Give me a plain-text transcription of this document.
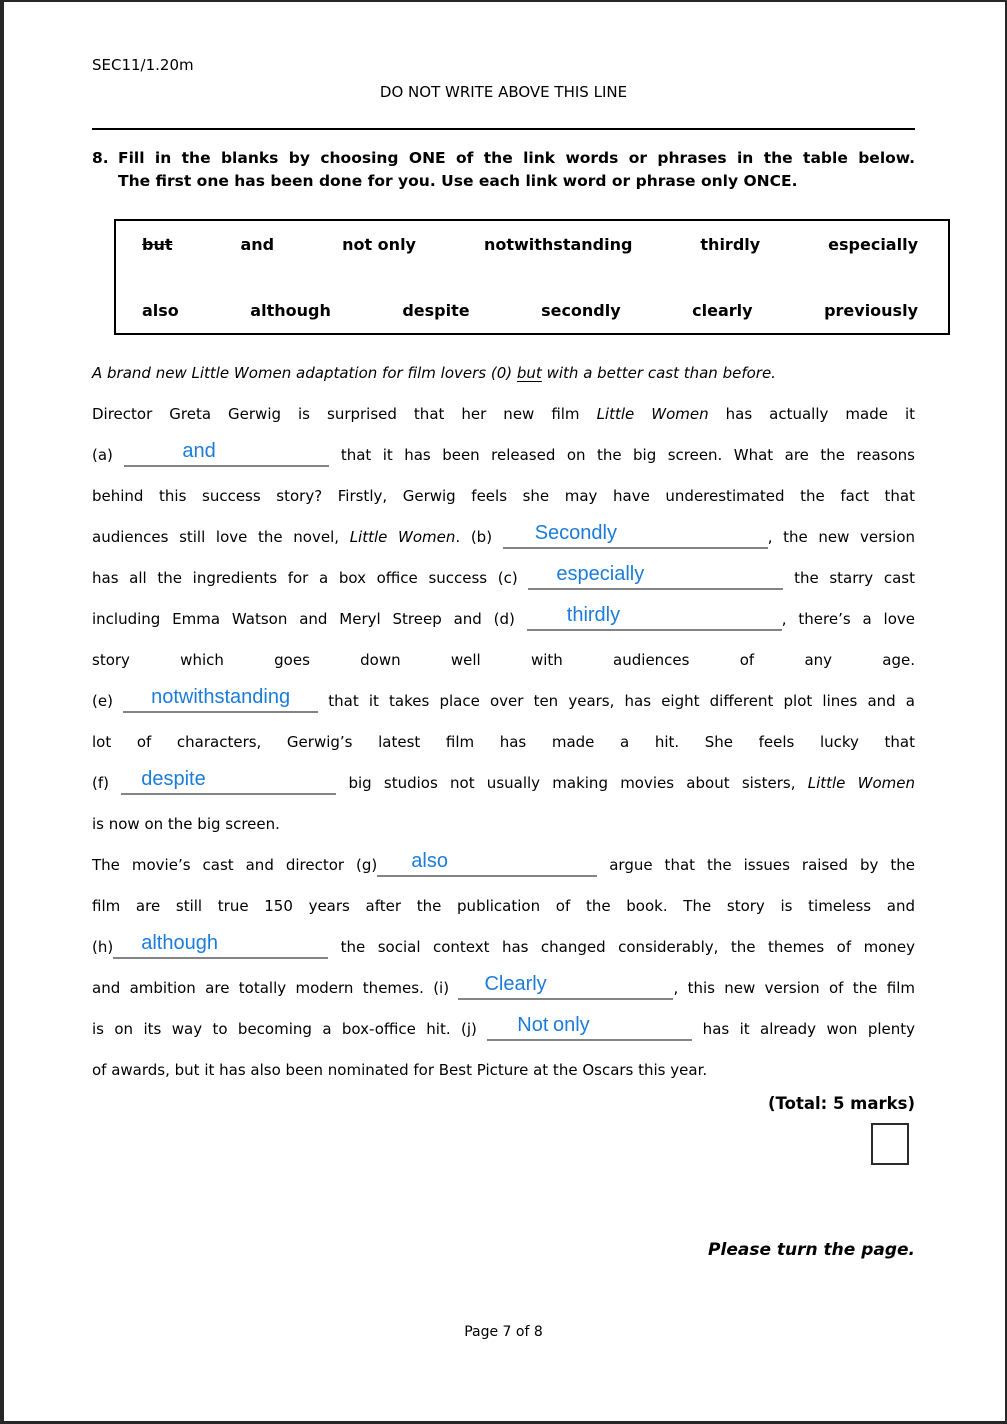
SEC11/1.20m
DO NOT WRITE ABOVE THIS LINE
8. Fill in the blanks by choosing ONE of the link words or phrases in the table below.
The first one has been done for you. Use each link word or phrase only ONCE.
but	and	not only	notwithstanding	thirdly	especially
also	although	despite	secondly	clearly	previously
A brand new Little Women adaptation for film lovers (0) but with a better cast than before.
Director Greta Gerwig is surprised that her new film Little Women has actually made it
(a)	and	that it has been released on the big screen. What are the reasons
behind this success story? Firstly, Gerwig feels she may have underestimated the fact that
audiences still love the novel, Little Women. (b) Secondly	, the new version
has all the ingredients for a box office success (c) especially	the starry cast
including Emma Watson and Meryl Streep and (d) thirdly	, there’s a love
story which goes down well with audiences of any age.
(e) notwithstanding that it takes place over ten years, has eight different plot lines and a
lot of characters, Gerwig’s latest film has made a hit. She feels lucky that
(f) despite	big studios not usually making movies about sisters, Little Women
is now on the big screen.
The movie’s cast and director (g) also	argue that the issues raised by the
film are still true 150 years after the publication of the book. The story is timeless and
(h) although	the social context has changed considerably, the themes of money
and ambition are totally modern themes. (i) Clearly	, this new version of the film
is on its way to becoming a box-office hit. (j) Not only	has it already won plenty
of awards, but it has also been nominated for Best Picture at the Oscars this year.
(Total: 5 marks)
Please turn the page.
Page 7 of 8
